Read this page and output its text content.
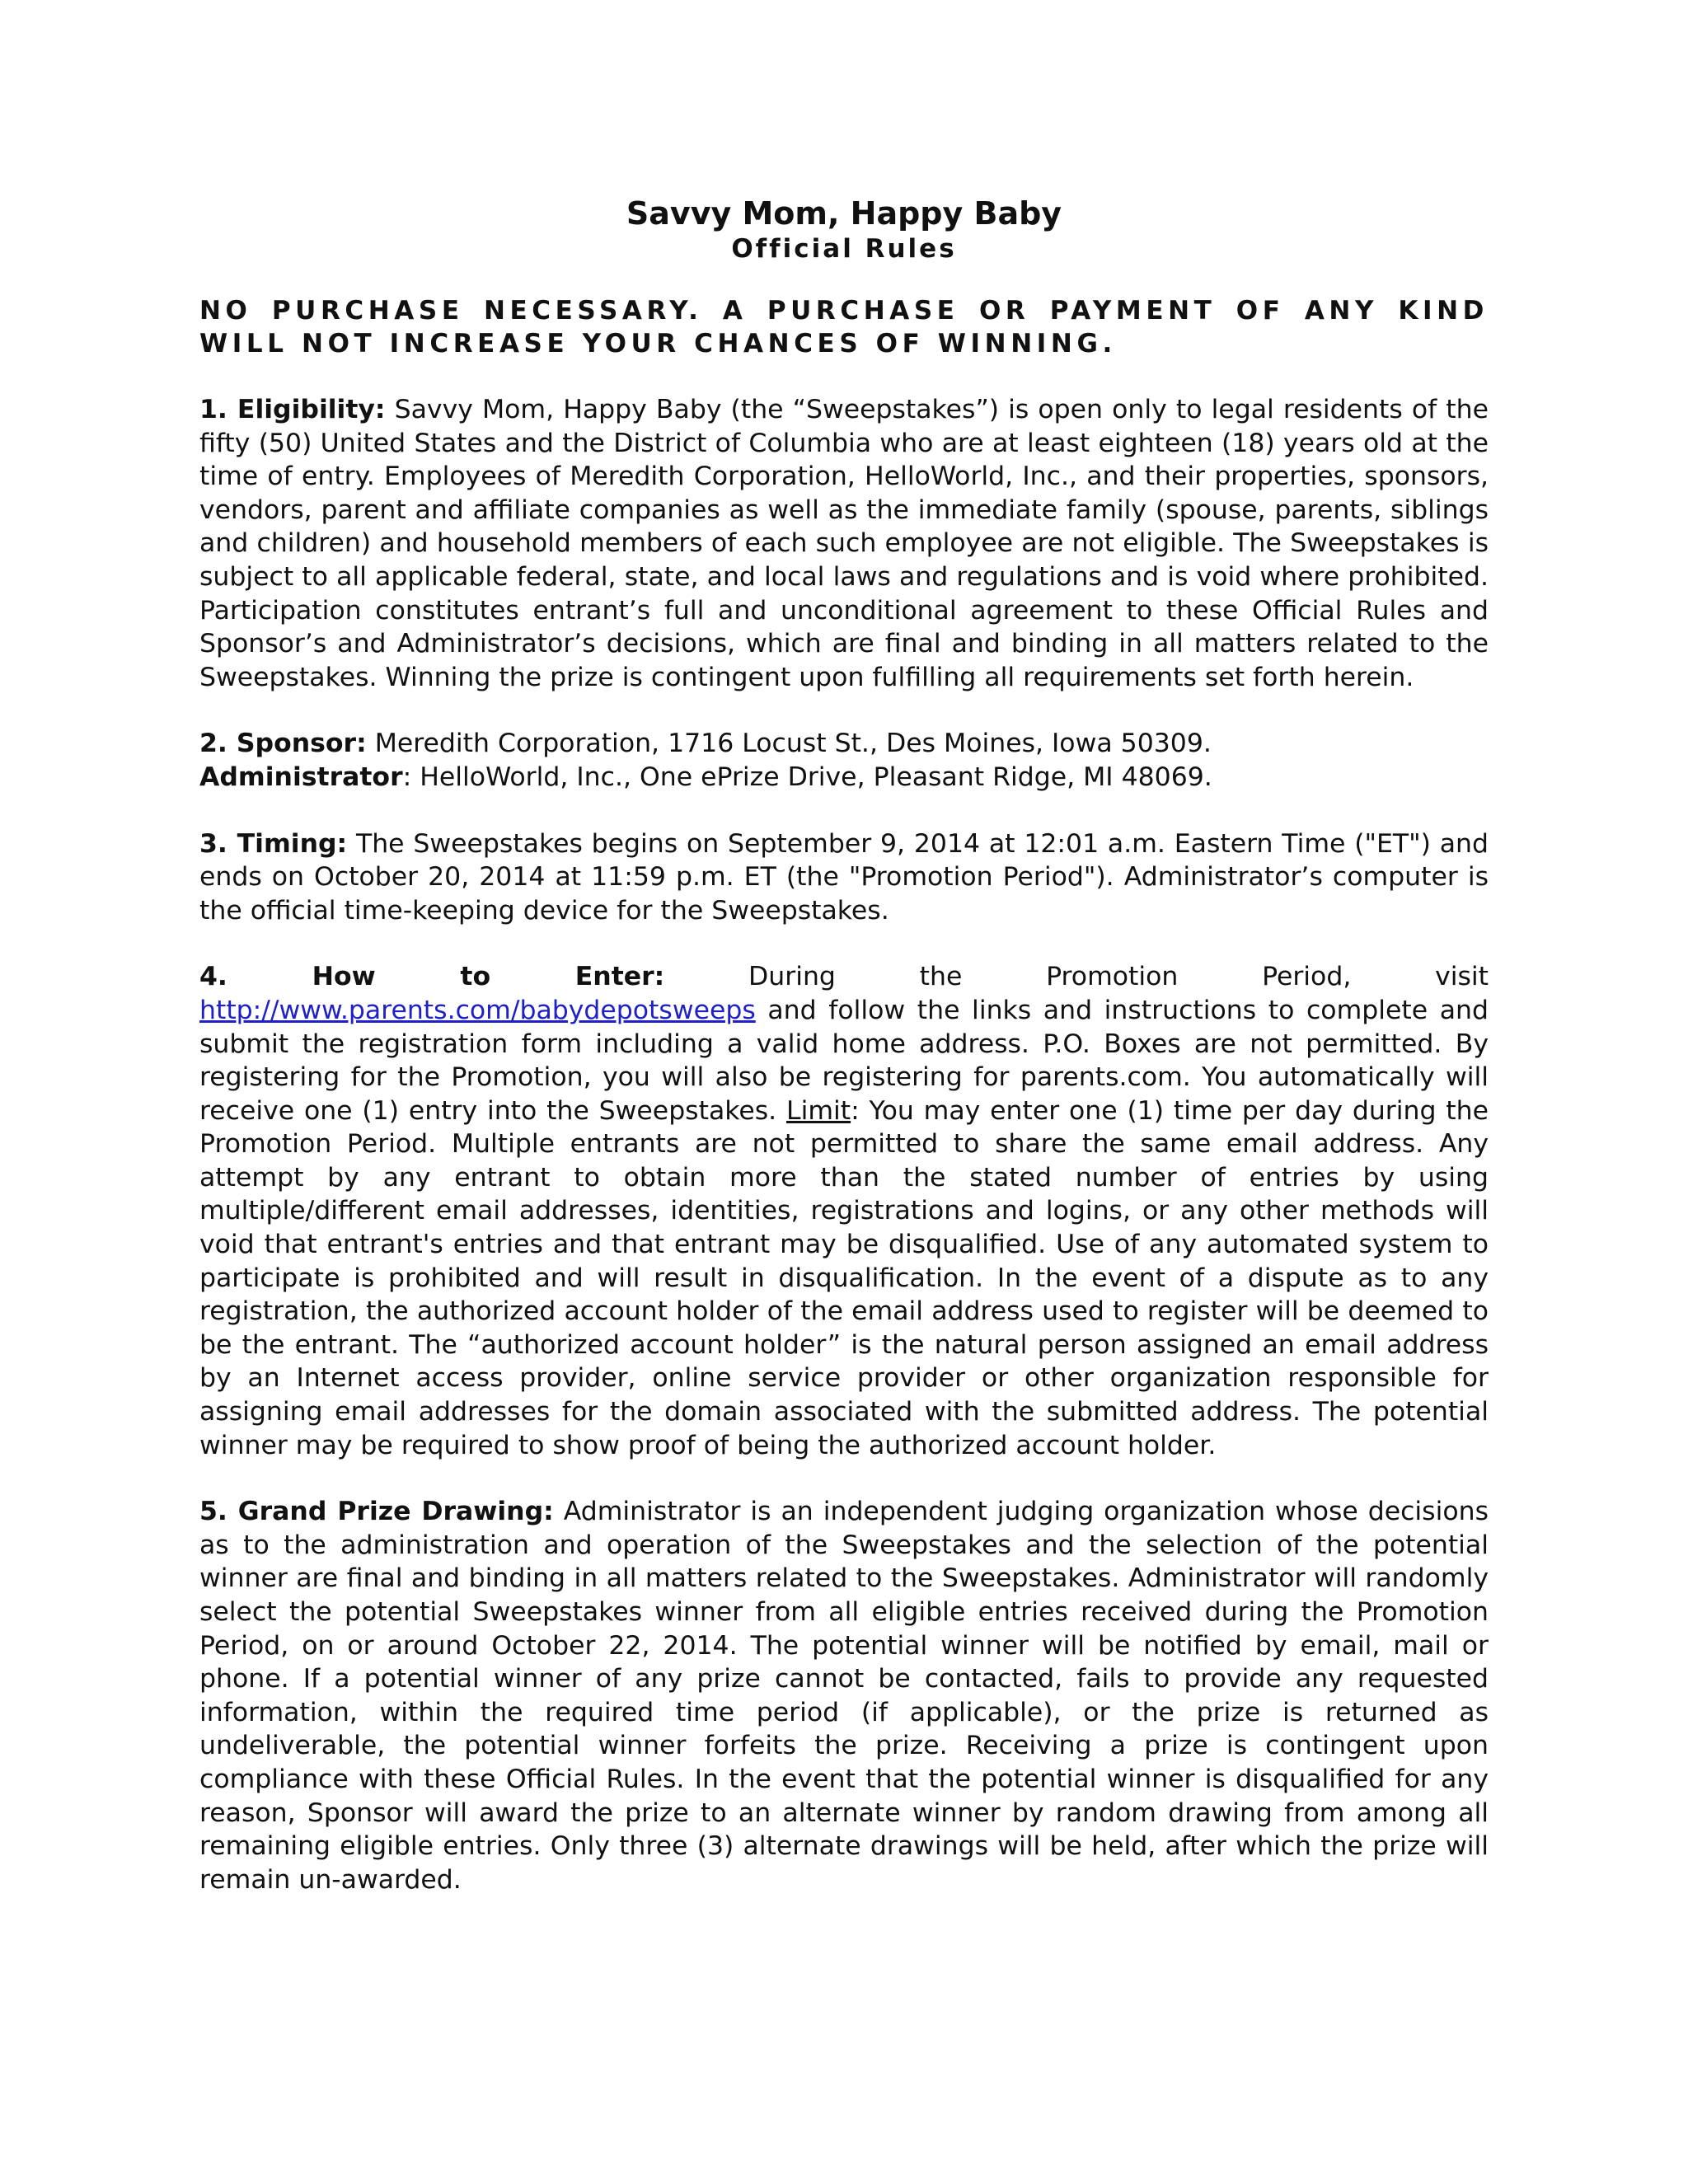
Savvy Mom, Happy Baby
Official Rules
NO PURCHASE NECESSARY. A PURCHASE OR PAYMENT OF ANY KIND WILL NOT INCREASE YOUR CHANCES OF WINNING.
1. Eligibility: Savvy Mom, Happy Baby (the “Sweepstakes”) is open only to legal residents of the fifty (50) United States and the District of Columbia who are at least eighteen (18) years old at the time of entry. Employees of Meredith Corporation, HelloWorld, Inc., and their properties, sponsors, vendors, parent and affiliate companies as well as the immediate family (spouse, parents, siblings and children) and household members of each such employee are not eligible. The Sweepstakes is subject to all applicable federal, state, and local laws and regulations and is void where prohibited. Participation constitutes entrant’s full and unconditional agreement to these Official Rules and Sponsor’s and Administrator’s decisions, which are final and binding in all matters related to the Sweepstakes. Winning the prize is contingent upon fulfilling all requirements set forth herein.
2. Sponsor: Meredith Corporation, 1716 Locust St., Des Moines, Iowa 50309.
Administrator: HelloWorld, Inc., One ePrize Drive, Pleasant Ridge, MI 48069.
3. Timing: The Sweepstakes begins on September 9, 2014 at 12:01 a.m. Eastern Time ("ET") and ends on October 20, 2014 at 11:59 p.m. ET (the "Promotion Period"). Administrator’s computer is the official time-keeping device for the Sweepstakes.
4. How to Enter:	During the Promotion Period, visit
http://www.parents.com/babydepotsweeps and follow the links and instructions to complete and submit the registration form including a valid home address. P.O. Boxes are not permitted. By registering for the Promotion, you will also be registering for parents.com. You automatically will receive one (1) entry into the Sweepstakes. Limit: You may enter one (1) time per day during the Promotion Period. Multiple entrants are not permitted to share the same email address. Any attempt by any entrant to obtain more than the stated number of entries by using multiple/different email addresses, identities, registrations and logins, or any other methods will void that entrant's entries and that entrant may be disqualified. Use of any automated system to participate is prohibited and will result in disqualification. In the event of a dispute as to any registration, the authorized account holder of the email address used to register will be deemed to be the entrant. The “authorized account holder” is the natural person assigned an email address by an Internet access provider, online service provider or other organization responsible for assigning email addresses for the domain associated with the submitted address. The potential winner may be required to show proof of being the authorized account holder.
5. Grand Prize Drawing: Administrator is an independent judging organization whose decisions as to the administration and operation of the Sweepstakes and the selection of the potential winner are final and binding in all matters related to the Sweepstakes. Administrator will randomly select the potential Sweepstakes winner from all eligible entries received during the Promotion Period, on or around October 22, 2014. The potential winner will be notified by email, mail or phone. If a potential winner of any prize cannot be contacted, fails to provide any requested information, within the required time period (if applicable), or the prize is returned as undeliverable, the potential winner forfeits the prize. Receiving a prize is contingent upon compliance with these Official Rules. In the event that the potential winner is disqualified for any reason, Sponsor will award the prize to an alternate winner by random drawing from among all remaining eligible entries. Only three (3) alternate drawings will be held, after which the prize will remain un-awarded.
